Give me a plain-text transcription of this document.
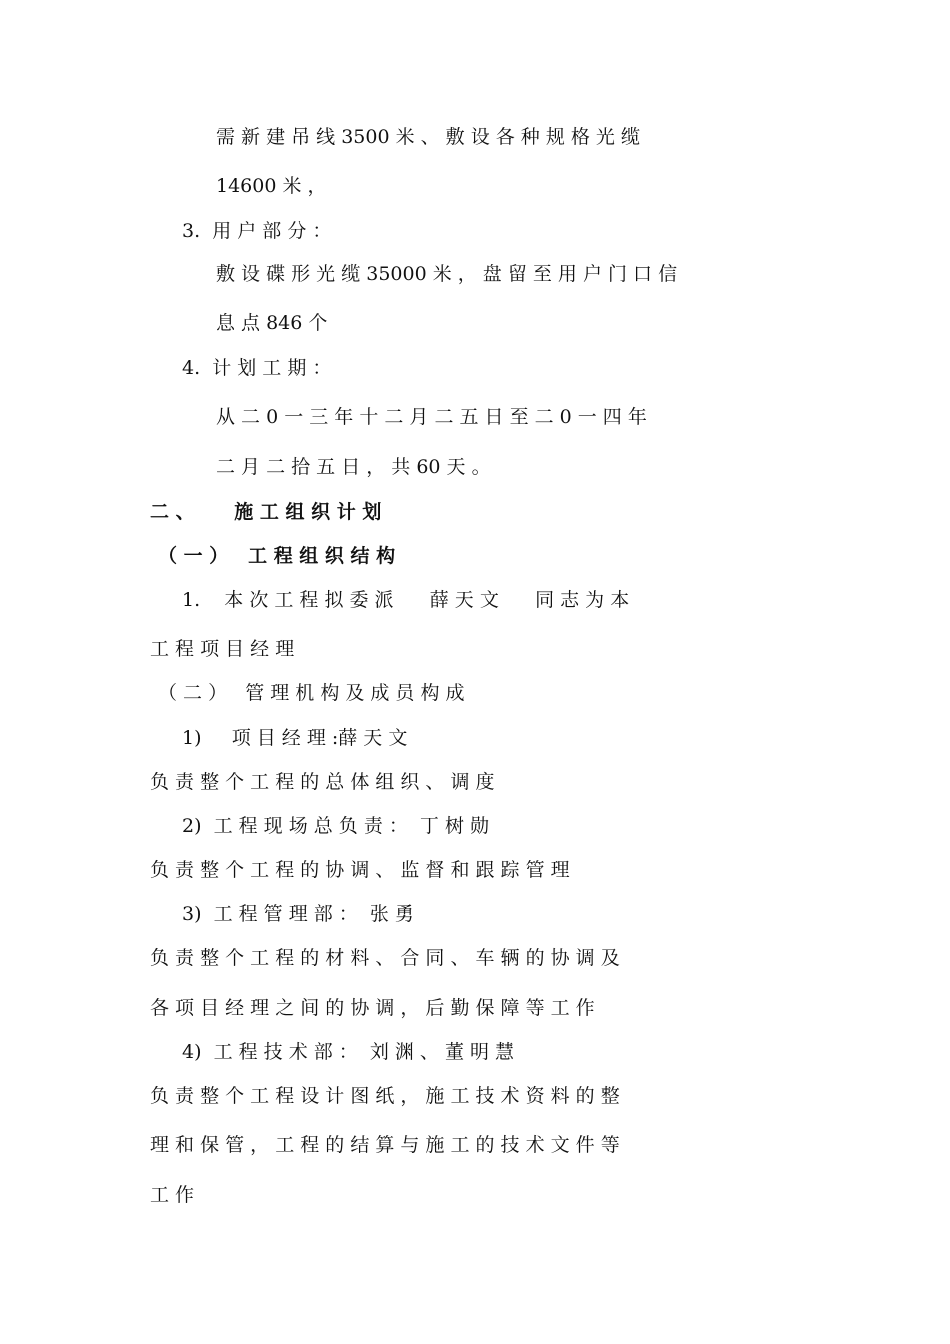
需 新 建 吊 线 3500 米 、 敷 设 各 种 规 格 光 缆
14600 米 ，
3.  用 户 部 分 ：
敷 设 碟 形 光 缆 35000 米 ， 盘 留 至 用 户 门 口 信
息 点 846 个
4.  计 划 工 期 ：
从 二 0 一 三 年 十 二 月 二 五 日 至 二 0 一 四 年
二 月 二 拾 五 日 ， 共 60 天 。
二 、      施 工 组 织 计 划
（ 一 ）   工 程 组 织 结 构
1.    本 次 工 程 拟 委 派      薛 天 文      同 志 为 本
工 程 项 目 经 理
（ 二 ）   管 理 机 构 及 成 员 构 成
1)     项 目 经 理 :薛 天 文
负 责 整 个 工 程 的 总 体 组 织 、 调 度
2)  工 程 现 场 总 负 责 ：  丁 树 勋
负 责 整 个 工 程 的 协 调 、 监 督 和 跟 踪 管 理
3)  工 程 管 理 部 ：  张 勇
负 责 整 个 工 程 的 材 料 、 合 同 、 车 辆 的 协 调 及
各 项 目 经 理 之 间 的 协 调 ， 后 勤 保 障 等 工 作
4)  工 程 技 术 部 ：  刘 渊 、 董 明 慧
负 责 整 个 工 程 设 计 图 纸 ， 施 工 技 术 资 料 的 整
理 和 保 管 ， 工 程 的 结 算 与 施 工 的 技 术 文 件 等
工 作
